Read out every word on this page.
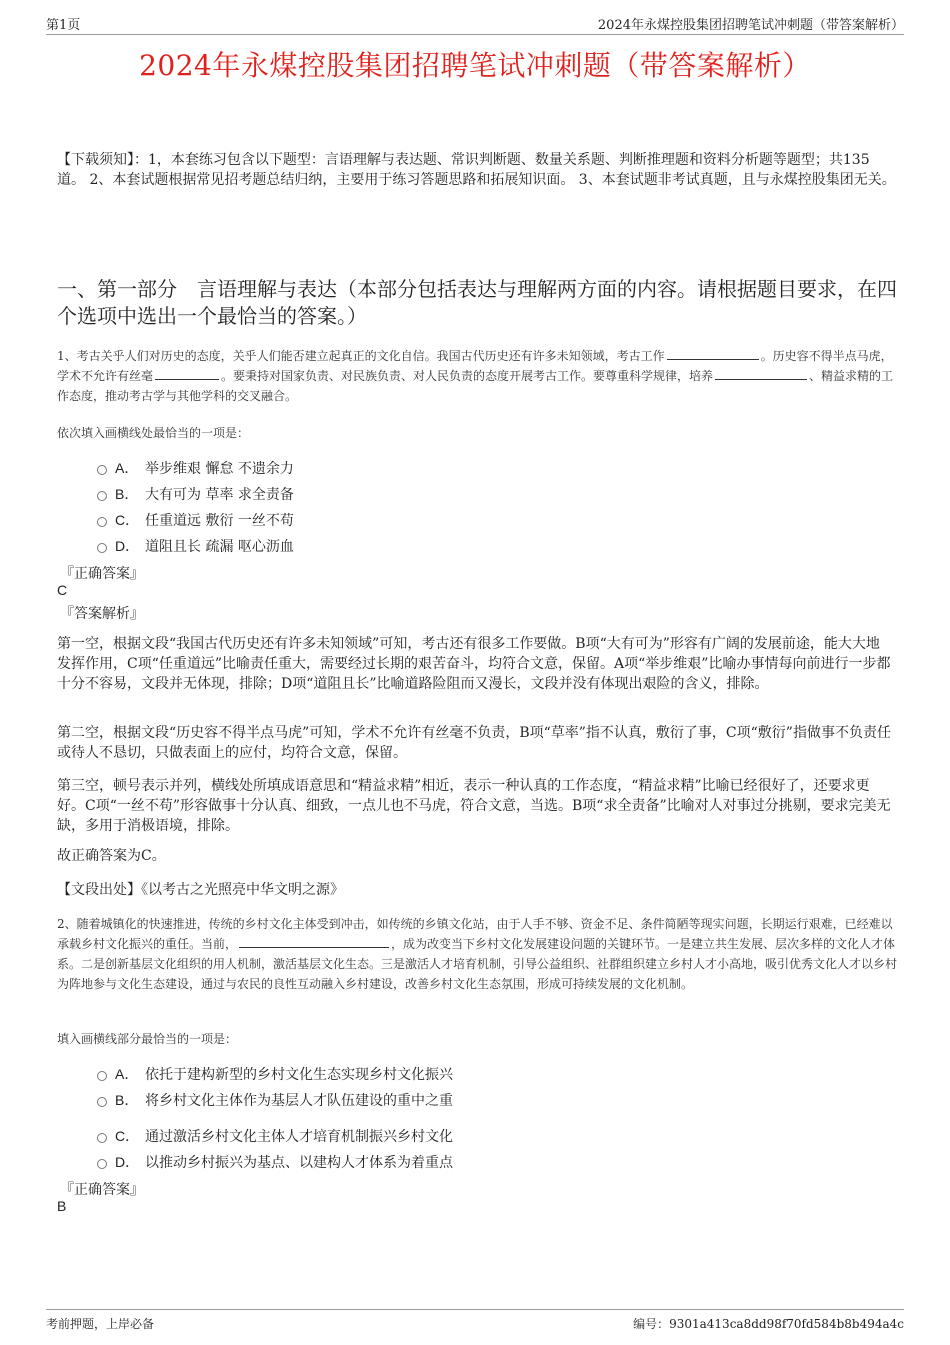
第1页	2024年永煤控股集团招聘笔试冲刺题（带答案解析）
2024年永煤控股集团招聘笔试冲刺题（带答案解析）
【下载须知】：1，本套练习包含以下题型：言语理解与表达题、常识判断题、数量关系题、判断推理题和资料分析题等题型；共135道。 2、本套试题根据常见招考题总结归纳，主要用于练习答题思路和拓展知识面。 3、本套试题非考试真题，且与永煤控股集团无关。
一、第一部分　言语理解与表达（本部分包括表达与理解两方面的内容。请根据题目要求，在四个选项中选出一个最恰当的答案。）
1、考古关乎人们对历史的态度，关乎人们能否建立起真正的文化自信。我国古代历史还有许多未知领域，考古工作	。历史容不得半点马虎，学术不允许有丝毫	。要秉持对国家负责、对民族负责、对人民负责的态度开展考古工作。要尊重科学规律，培养	、精益求精的工作态度，推动考古学与其他学科的交叉融合。
依次填入画横线处最恰当的一项是：
A． 举步维艰 懈怠 不遗余力
B． 大有可为 草率 求全责备
C． 任重道远 敷衍 一丝不苟
D． 道阻且长 疏漏 呕心沥血
『正确答案』
C
『答案解析』
第一空，根据文段“我国古代历史还有许多未知领域”可知，考古还有很多工作要做。B项“大有可为”形容有广阔的发展前途，能大大地发挥作用，C项“任重道远”比喻责任重大，需要经过长期的艰苦奋斗，均符合文意，保留。A项“举步维艰”比喻办事情每向前进行一步都十分不容易，文段并无体现，排除；D项“道阻且长”比喻道路险阻而又漫长，文段并没有体现出艰险的含义，排除。
第二空，根据文段“历史容不得半点马虎”可知，学术不允许有丝毫不负责，B项“草率”指不认真，敷衍了事，C项“敷衍”指做事不负责任或待人不恳切，只做表面上的应付，均符合文意，保留。
第三空，顿号表示并列，横线处所填成语意思和“精益求精”相近，表示一种认真的工作态度，“精益求精”比喻已经很好了，还要求更好。C项“一丝不苟”形容做事十分认真、细致，一点儿也不马虎，符合文意，当选。B项“求全责备”比喻对人对事过分挑剔，要求完美无缺，多用于消极语境，排除。
故正确答案为C。
【文段出处】《以考古之光照亮中华文明之源》
2、随着城镇化的快速推进，传统的乡村文化主体受到冲击，如传统的乡镇文化站，由于人手不够、资金不足、条件简陋等现实问题，长期运行艰难，已经难以承载乡村文化振兴的重任。当前，	，成为改变当下乡村文化发展建设问题的关键环节。一是建立共生发展、层次多样的文化人才体系。二是创新基层文化组织的用人机制，激活基层文化生态。三是激活人才培育机制，引导公益组织、社群组织建立乡村人才小高地，吸引优秀文化人才以乡村为阵地参与文化生态建设，通过与农民的良性互动融入乡村建设，改善乡村文化生态氛围，形成可持续发展的文化机制。
填入画横线部分最恰当的一项是：
A． 依托于建构新型的乡村文化生态实现乡村文化振兴
B． 将乡村文化主体作为基层人才队伍建设的重中之重
C． 通过激活乡村文化主体人才培育机制振兴乡村文化
D． 以推动乡村振兴为基点、以建构人才体系为着重点
『正确答案』
B
考前押题，上岸必备	编号：9301a413ca8dd98f70fd584b8b494a4c
